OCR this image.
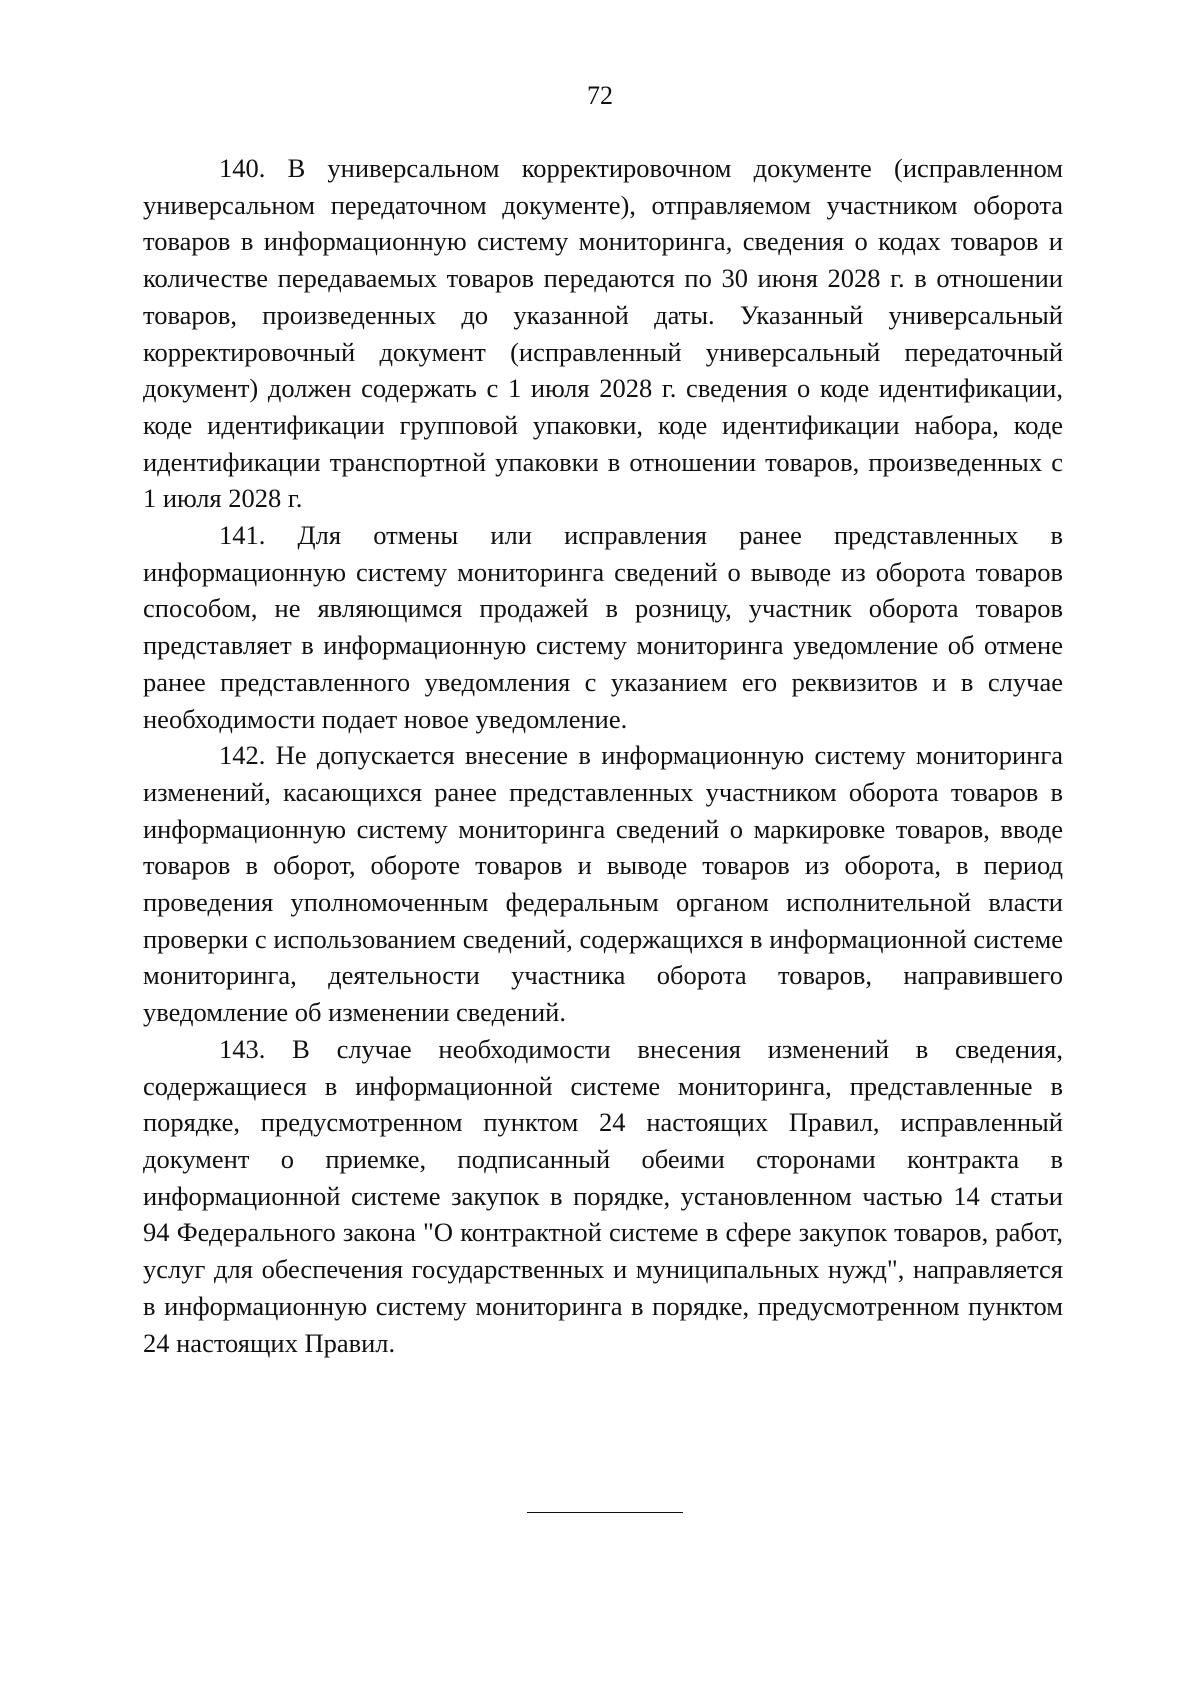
72

140. В универсальном корректировочном документе (исправленном универсальном передаточном документе), отправляемом участником оборота товаров в информационную систему мониторинга, сведения о кодах товаров и количестве передаваемых товаров передаются по 30 июня 2028 г. в отношении товаров, произведенных до указанной даты. Указанный универсальный корректировочный документ (исправленный универсальный передаточный документ) должен содержать с 1 июля 2028 г. сведения о коде идентификации, коде идентификации групповой упаковки, коде идентификации набора, коде идентификации транспортной упаковки в отношении товаров, произведенных с 1 июля 2028 г.

141. Для отмены или исправления ранее представленных в информационную систему мониторинга сведений о выводе из оборота товаров способом, не являющимся продажей в розницу, участник оборота товаров представляет в информационную систему мониторинга уведомление об отмене ранее представленного уведомления с указанием его реквизитов и в случае необходимости подает новое уведомление.

142. Не допускается внесение в информационную систему мониторинга изменений, касающихся ранее представленных участником оборота товаров в информационную систему мониторинга сведений о маркировке товаров, вводе товаров в оборот, обороте товаров и выводе товаров из оборота, в период проведения уполномоченным федеральным органом исполнительной власти проверки с использованием сведений, содержащихся в информационной системе мониторинга, деятельности участника оборота товаров, направившего уведомление об изменении сведений.

143. В случае необходимости внесения изменений в сведения, содержащиеся в информационной системе мониторинга, представленные в порядке, предусмотренном пунктом 24 настоящих Правил, исправленный документ о приемке, подписанный обеими сторонами контракта в информационной системе закупок в порядке, установленном частью 14 статьи 94 Федерального закона "О контрактной системе в сфере закупок товаров, работ, услуг для обеспечения государственных и муниципальных нужд", направляется в информационную систему мониторинга в порядке, предусмотренном пунктом 24 настоящих Правил.
